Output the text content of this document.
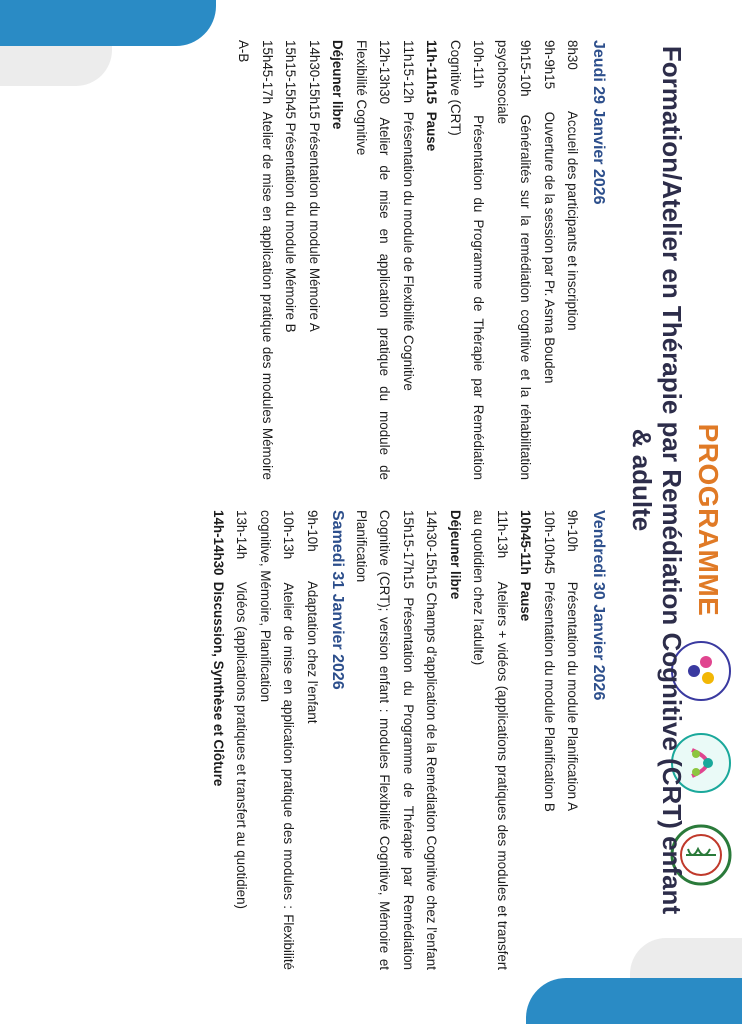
PROGRAMME
Formation/Atelier en Thérapie par Remédiation Cognitive (CRT) enfant & adulte
Jeudi 29 Janvier 2026
8h30 Accueil des participants et inscription
9h-9h15 Ouverture de la session par Pr. Asma Bouden
9h15-10h Généralités sur la remédiation cognitive et la réhabilitation psychosociale
10h-11h Présentation du Programme de Thérapie par Remédiation Cognitive (CRT)
11h-11h15 Pause
11h15-12h Présentation du module de Flexibilité Cognitive
12h-13h30 Atelier de mise en application pratique du module de Flexibilité Cognitive
Déjeuner libre
14h30-15h15 Présentation du module Mémoire A
15h15-15h45 Présentation du module Mémoire B
15h45-17h Atelier de mise en application pratique des modules Mémoire A-B
Vendredi 30 Janvier 2026
9h-10h Présentation du module Planification A
10h-10h45 Présentation du module Planification B
10h45-11h Pause
11h-13h Ateliers + vidéos (applications pratiques des modules et transfert au quotidien chez l'adulte)
Déjeuner libre
14h30-15h15 Champs d'application de la Remédiation Cognitive chez l'enfant
15h15-17h15 Présentation du Programme de Thérapie par Remédiation Cognitive (CRT); version enfant : modules Flexibilité Cognitive, Mémoire et Planification
Samedi 31 Janvier 2026
9h-10h Adaptation chez l'enfant
10h-13h Atelier de mise en application pratique des modules : Flexibilité cognitive, Mémoire, Planification
13h-14h Vidéos (applications pratiques et transfert au quotidien)
14h-14h30 Discussion, Synthèse et Clôture
